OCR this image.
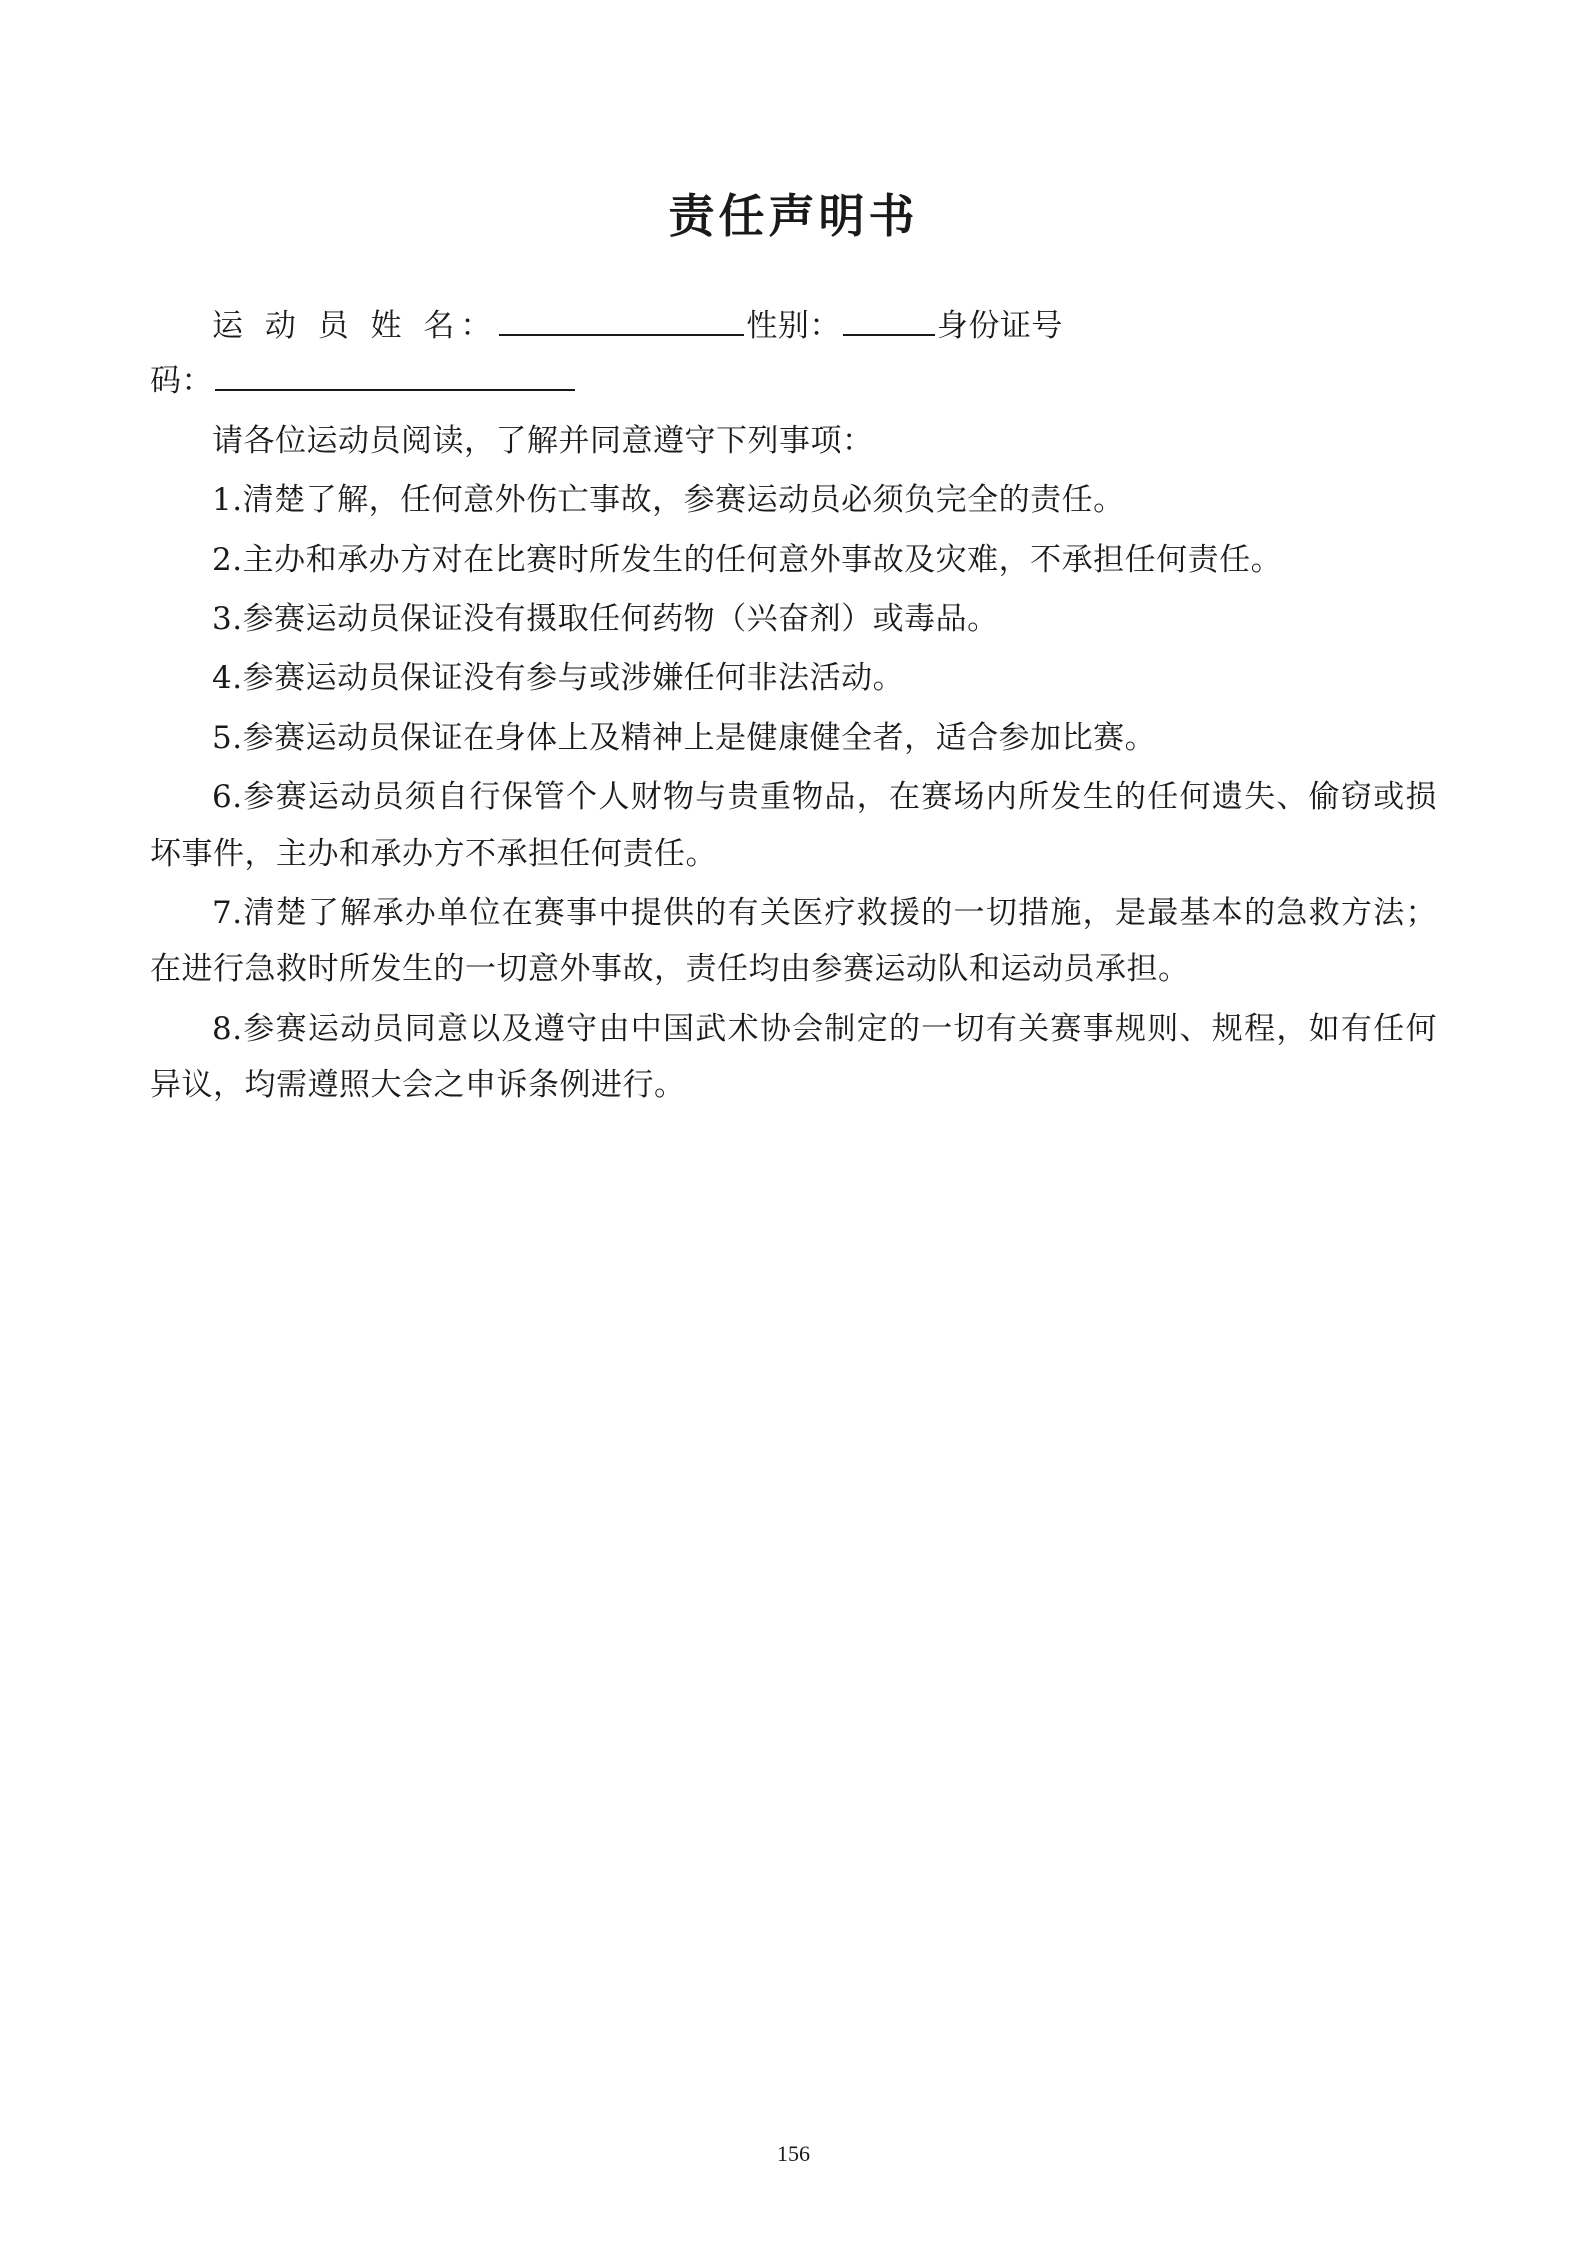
责任声明书
运 动 员 姓 名：	性别：	身份证号
码：
请各位运动员阅读，了解并同意遵守下列事项：
1.清楚了解，任何意外伤亡事故，参赛运动员必须负完全的责任。
2.主办和承办方对在比赛时所发生的任何意外事故及灾难，不承担任何责任。
3.参赛运动员保证没有摄取任何药物（兴奋剂）或毒品。
4.参赛运动员保证没有参与或涉嫌任何非法活动。
5.参赛运动员保证在身体上及精神上是健康健全者，适合参加比赛。
6.参赛运动员须自行保管个人财物与贵重物品，在赛场内所发生的任何遗失、偷窃或损坏事件，主办和承办方不承担任何责任。
7.清楚了解承办单位在赛事中提供的有关医疗救援的一切措施，是最基本的急救方法；在进行急救时所发生的一切意外事故，责任均由参赛运动队和运动员承担。
8.参赛运动员同意以及遵守由中国武术协会制定的一切有关赛事规则、规程，如有任何异议，均需遵照大会之申诉条例进行。
156
